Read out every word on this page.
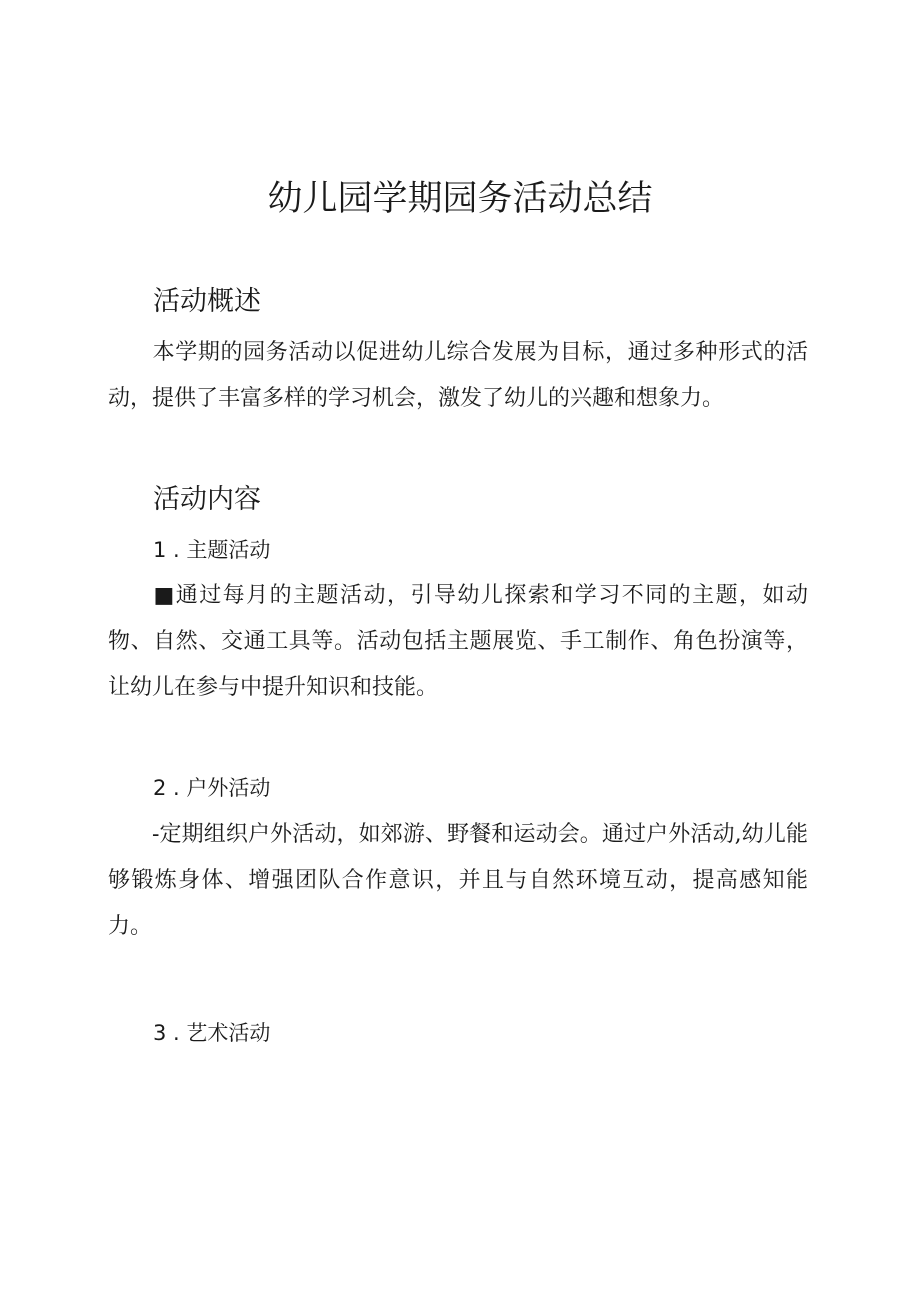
幼儿园学期园务活动总结
活动概述
本学期的园务活动以促进幼儿综合发展为目标，通过多种形式的活动，提供了丰富多样的学习机会，激发了幼儿的兴趣和想象力。
活动内容
1 . 主题活动
■通过每月的主题活动，引导幼儿探索和学习不同的主题，如动物、自然、交通工具等。活动包括主题展览、手工制作、角色扮演等，让幼儿在参与中提升知识和技能。
2 . 户外活动
-定期组织户外活动，如郊游、野餐和运动会。通过户外活动,幼儿能够锻炼身体、增强团队合作意识，并且与自然环境互动，提高感知能力。
3 . 艺术活动
